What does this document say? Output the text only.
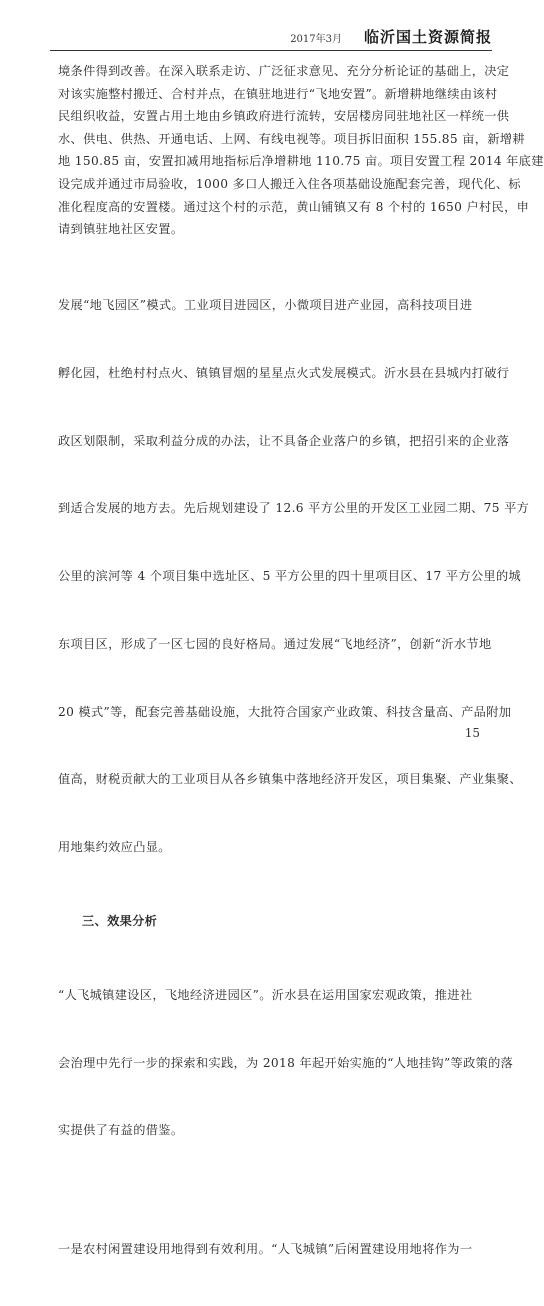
2017年3月 临沂国土资源简报

境条件得到改善。在深入联系走访、广泛征求意见、充分分析论证的基础上，决定
对该实施整村搬迁、合村并点，在镇驻地进行“飞地安置”。新增耕地继续由该村
民组织收益，安置占用土地由乡镇政府进行流转，安居楼房同驻地社区一样统一供
水、供电、供热、开通电话、上网、有线电视等。项目拆旧面积 155.85 亩，新增耕
地 150.85 亩，安置扣减用地指标后净增耕地 110.75 亩。项目安置工程 2014 年底建
设完成并通过市局验收，1000 多口人搬迁入住各项基础设施配套完善，现代化、标
准化程度高的安置楼。通过这个村的示范，黄山铺镇又有 8 个村的 1650 户村民，申
请到镇驻地社区安置。

发展“地飞园区”模式。工业项目进园区，小微项目进产业园，高科技项目进

孵化园，杜绝村村点火、镇镇冒烟的星星点火式发展模式。沂水县在县城内打破行

政区划限制，采取利益分成的办法，让不具备企业落户的乡镇，把招引来的企业落

到适合发展的地方去。先后规划建设了 12.6 平方公里的开发区工业园二期、75 平方

公里的滨河等 4 个项目集中选址区、5 平方公里的四十里项目区、17 平方公里的城

东项目区，形成了一区七园的良好格局。通过发展“飞地经济”，创新“沂水节地

20 模式”等，配套完善基础设施，大批符合国家产业政策、科技含量高、产品附加

值高，财税贡献大的工业项目从各乡镇集中落地经济开发区，项目集聚、产业集聚、

用地集约效应凸显。

三、效果分析

“人飞城镇建设区，飞地经济进园区”。沂水县在运用国家宏观政策，推进社

会治理中先行一步的探索和实践，为 2018 年起开始实施的“人地挂钩”等政策的落

实提供了有益的借鉴。

一是农村闲置建设用地得到有效利用。“人飞城镇”后闲置建设用地将作为一

15
